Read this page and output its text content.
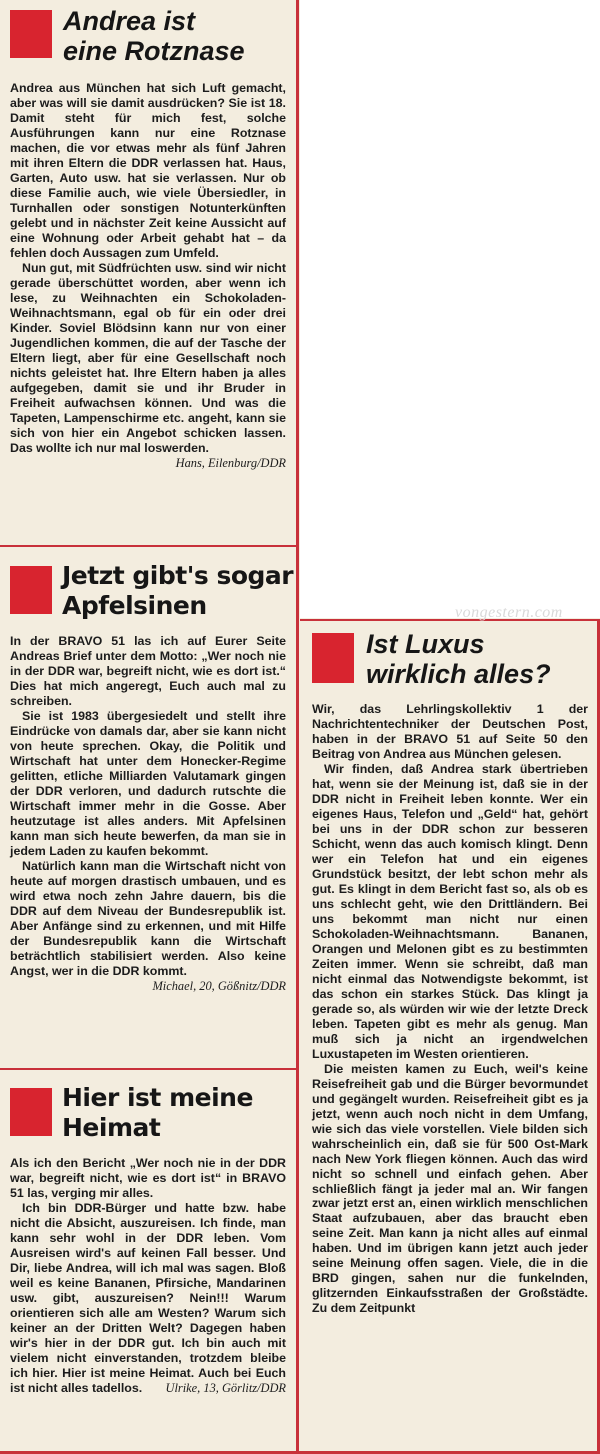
vongestern.com
Andrea ist
eine Rotznase

Andrea aus München hat sich Luft gemacht, aber was will sie damit ausdrücken? Sie ist 18. Damit steht für mich fest, solche Ausführungen kann nur eine Rotznase machen, die vor etwas mehr als fünf Jahren mit ihren Eltern die DDR verlassen hat. Haus, Garten, Auto usw. hat sie verlassen. Nur ob diese Familie auch, wie viele Übersiedler, in Turnhallen oder sonstigen Notunterkünften gelebt und in nächster Zeit keine Aussicht auf eine Wohnung oder Arbeit gehabt hat – da fehlen doch Aussagen zum Umfeld.

Nun gut, mit Südfrüchten usw. sind wir nicht gerade überschüttet worden, aber wenn ich lese, zu Weihnachten ein Schokoladen-Weihnachtsmann, egal ob für ein oder drei Kinder. Soviel Blödsinn kann nur von einer Jugendlichen kommen, die auf der Tasche der Eltern liegt, aber für eine Gesellschaft noch nichts geleistet hat. Ihre Eltern haben ja alles aufgegeben, damit sie und ihr Bruder in Freiheit aufwachsen können. Und was die Tapeten, Lampenschirme etc. angeht, kann sie sich von hier ein Angebot schicken lassen. Das wollte ich nur mal loswerden.
Hans, Eilenburg/DDR

Jetzt gibt's sogar
Apfelsinen

In der BRAVO 51 las ich auf Eurer Seite Andreas Brief unter dem Motto: „Wer noch nie in der DDR war, begreift nicht, wie es dort ist.“ Dies hat mich angeregt, Euch auch mal zu schreiben.

Sie ist 1983 übergesiedelt und stellt ihre Eindrücke von damals dar, aber sie kann nicht von heute sprechen. Okay, die Politik und Wirtschaft hat unter dem Honecker-Regime gelitten, etliche Milliarden Valutamark gingen der DDR verloren, und dadurch rutschte die Wirtschaft immer mehr in die Gosse. Aber heutzutage ist alles anders. Mit Apfelsinen kann man sich heute bewerfen, da man sie in jedem Laden zu kaufen bekommt.

Natürlich kann man die Wirtschaft nicht von heute auf morgen drastisch umbauen, und es wird etwa noch zehn Jahre dauern, bis die DDR auf dem Niveau der Bundesrepublik ist. Aber Anfänge sind zu erkennen, und mit Hilfe der Bundesrepublik kann die Wirtschaft beträchtlich stabilisiert werden. Also keine Angst, wer in die DDR kommt.
Michael, 20, Gößnitz/DDR

Hier ist meine
Heimat

Als ich den Bericht „Wer noch nie in der DDR war, begreift nicht, wie es dort ist“ in BRAVO 51 las, verging mir alles.

Ich bin DDR-Bürger und hatte bzw. habe nicht die Absicht, auszureisen. Ich finde, man kann sehr wohl in der DDR leben. Vom Ausreisen wird's auf keinen Fall besser. Und Dir, liebe Andrea, will ich mal was sagen. Bloß weil es keine Bananen, Pfirsiche, Mandarinen usw. gibt, auszureisen? Nein!!! Warum orientieren sich alle am Westen? Warum sich keiner an der Dritten Welt? Dagegen haben wir's hier in der DDR gut. Ich bin auch mit vielem nicht einverstanden, trotzdem bleibe ich hier. Hier ist meine Heimat. Auch bei Euch ist nicht alles tadellos.	Ulrike, 13, Görlitz/DDR

Ist Luxus
wirklich alles?

Wir, das Lehrlingskollektiv 1 der Nachrichtentechniker der Deutschen Post, haben in der BRAVO 51 auf Seite 50 den Beitrag von Andrea aus München gelesen.

Wir finden, daß Andrea stark übertrieben hat, wenn sie der Meinung ist, daß sie in der DDR nicht in Freiheit leben konnte. Wer ein eigenes Haus, Telefon und „Geld“ hat, gehört bei uns in der DDR schon zur besseren Schicht, wenn das auch komisch klingt. Denn wer ein Telefon hat und ein eigenes Grundstück besitzt, der lebt schon mehr als gut. Es klingt in dem Bericht fast so, als ob es uns schlecht geht, wie den Drittländern. Bei uns bekommt man nicht nur einen Schokoladen-Weihnachtsmann. Bananen, Orangen und Melonen gibt es zu bestimmten Zeiten immer. Wenn sie schreibt, daß man nicht einmal das Notwendigste bekommt, ist das schon ein starkes Stück. Das klingt ja gerade so, als würden wir wie der letzte Dreck leben. Tapeten gibt es mehr als genug. Man muß sich ja nicht an irgendwelchen Luxustapeten im Westen orientieren.

Die meisten kamen zu Euch, weil's keine Reisefreiheit gab und die Bürger bevormundet und gegängelt wurden. Reisefreiheit gibt es ja jetzt, wenn auch noch nicht in dem Umfang, wie sich das viele vorstellen. Viele bilden sich wahrscheinlich ein, daß sie für 500 Ost-Mark nach New York fliegen können. Auch das wird nicht so schnell und einfach gehen. Aber schließlich fängt ja jeder mal an. Wir fangen zwar jetzt erst an, einen wirklich menschlichen Staat aufzubauen, aber das braucht eben seine Zeit. Man kann ja nicht alles auf einmal haben. Und im übrigen kann jetzt auch jeder seine Meinung offen sagen. Viele, die in die BRD gingen, sahen nur die funkelnden, glitzernden Einkaufsstraßen der Großstädte. Zu dem Zeitpunkt
